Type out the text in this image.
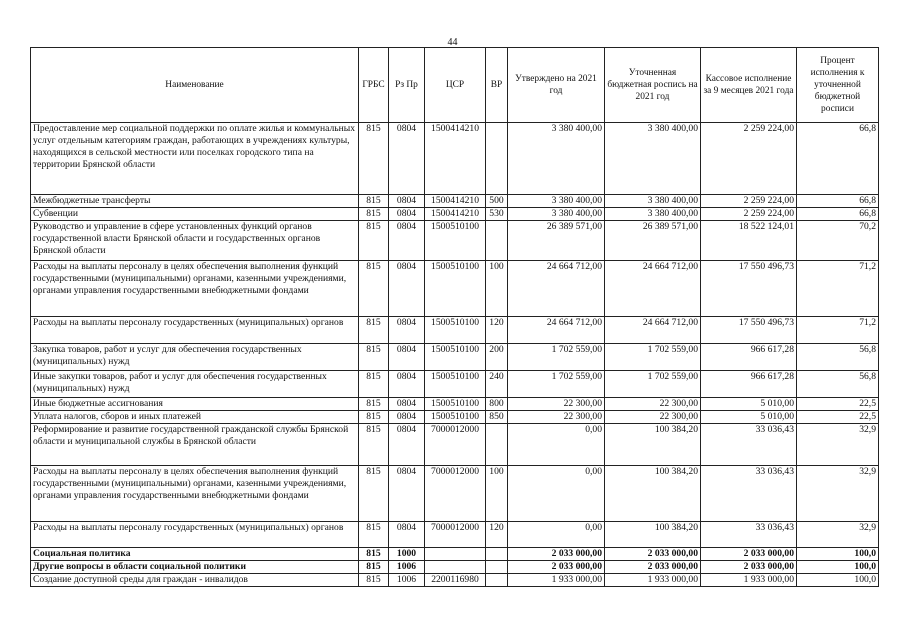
44
Наименование	ГРБС	Рз Пр	ЦСР	ВР	Утверждено на 2021 год	Уточненная бюджетная роспись на 2021 год	Кассовое исполнение за 9 месяцев 2021 года	Процент исполнения к уточненной бюджетной росписи
Предоставление мер социальной поддержки по оплате жилья и коммунальных услуг отдельным категориям граждан, работающих в учреждениях культуры, находящихся в сельской местности или поселках городского типа на территории Брянской области	815	0804	1500414210		3 380 400,00	3 380 400,00	2 259 224,00	66,8
Межбюджетные трансферты	815	0804	1500414210	500	3 380 400,00	3 380 400,00	2 259 224,00	66,8
Субвенции	815	0804	1500414210	530	3 380 400,00	3 380 400,00	2 259 224,00	66,8
Руководство и управление в сфере установленных функций органов государственной власти Брянской области и государственных органов Брянской области	815	0804	1500510100		26 389 571,00	26 389 571,00	18 522 124,01	70,2
Расходы на выплаты персоналу в целях обеспечения выполнения функций государственными (муниципальными) органами, казенными учреждениями, органами управления государственными внебюджетными фондами	815	0804	1500510100	100	24 664 712,00	24 664 712,00	17 550 496,73	71,2
Расходы на выплаты персоналу государственных (муниципальных) органов	815	0804	1500510100	120	24 664 712,00	24 664 712,00	17 550 496,73	71,2
Закупка товаров, работ и услуг для обеспечения государственных (муниципальных) нужд	815	0804	1500510100	200	1 702 559,00	1 702 559,00	966 617,28	56,8
Иные закупки товаров, работ и услуг для обеспечения государственных (муниципальных) нужд	815	0804	1500510100	240	1 702 559,00	1 702 559,00	966 617,28	56,8
Иные бюджетные ассигнования	815	0804	1500510100	800	22 300,00	22 300,00	5 010,00	22,5
Уплата налогов, сборов и иных платежей	815	0804	1500510100	850	22 300,00	22 300,00	5 010,00	22,5
Реформирование и развитие государственной гражданской службы Брянской области и муниципальной службы в Брянской области	815	0804	7000012000		0,00	100 384,20	33 036,43	32,9
Расходы на выплаты персоналу в целях обеспечения выполнения функций государственными (муниципальными) органами, казенными учреждениями, органами управления государственными внебюджетными фондами	815	0804	7000012000	100	0,00	100 384,20	33 036,43	32,9
Расходы на выплаты персоналу государственных (муниципальных) органов	815	0804	7000012000	120	0,00	100 384,20	33 036,43	32,9
Социальная политика	815	1000			2 033 000,00	2 033 000,00	2 033 000,00	100,0
Другие вопросы в области социальной политики	815	1006			2 033 000,00	2 033 000,00	2 033 000,00	100,0
Создание доступной среды для граждан - инвалидов	815	1006	2200116980		1 933 000,00	1 933 000,00	1 933 000,00	100,0
